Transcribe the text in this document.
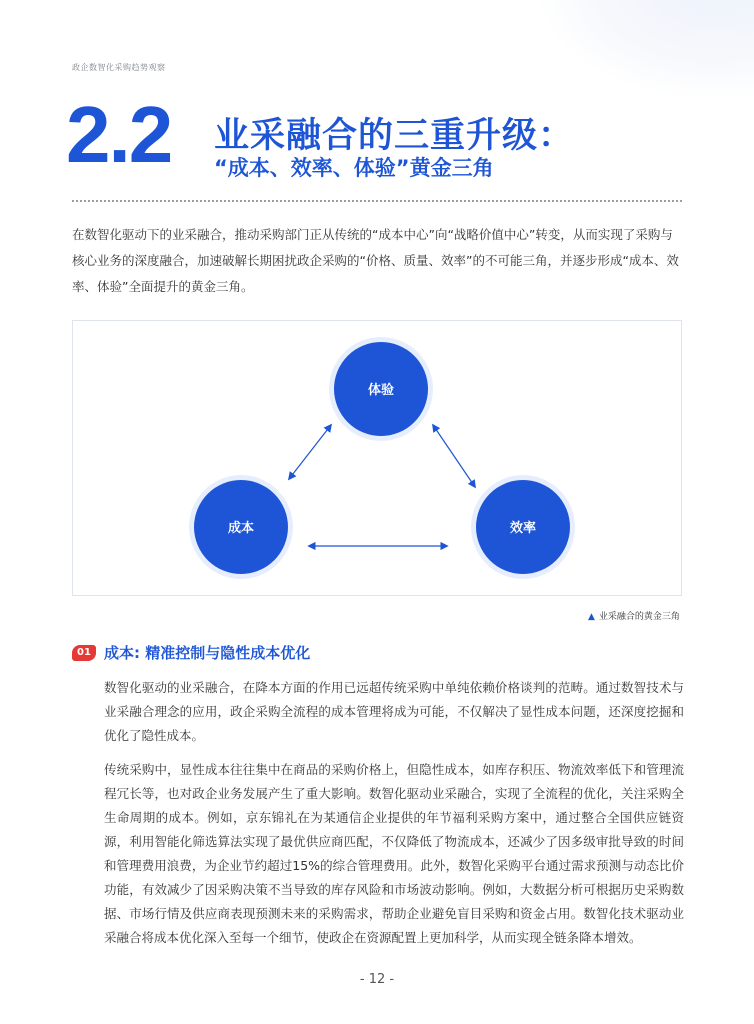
政企数智化采购趋势观察
2.2 业采融合的三重升级：
“成本、效率、体验”黄金三角
在数智化驱动下的业采融合，推动采购部门正从传统的“成本中心”向“战略价值中心”转变，从而实现了采购与核心业务的深度融合，加速破解长期困扰政企采购的“价格、质量、效率”的不可能三角，并逐步形成“成本、效率、体验”全面提升的黄金三角。
体验
成本	效率
▲ 业采融合的黄金三角
01 成本: 精准控制与隐性成本优化
数智化驱动的业采融合，在降本方面的作用已远超传统采购中单纯依赖价格谈判的范畴。通过数智技术与业采融合理念的应用，政企采购全流程的成本管理将成为可能，不仅解决了显性成本问题，还深度挖掘和优化了隐性成本。
传统采购中，显性成本往往集中在商品的采购价格上，但隐性成本，如库存积压、物流效率低下和管理流程冗长等，也对政企业务发展产生了重大影响。数智化驱动业采融合，实现了全流程的优化，关注采购全生命周期的成本。例如，京东锦礼在为某通信企业提供的年节福利采购方案中，通过整合全国供应链资源，利用智能化筛选算法实现了最优供应商匹配，不仅降低了物流成本，还减少了因多级审批导致的时间和管理费用浪费，为企业节约超过15%的综合管理费用。此外，数智化采购平台通过需求预测与动态比价功能，有效减少了因采购决策不当导致的库存风险和市场波动影响。例如，大数据分析可根据历史采购数据、市场行情及供应商表现预测未来的采购需求，帮助企业避免盲目采购和资金占用。数智化技术驱动业采融合将成本优化深入至每一个细节，使政企在资源配置上更加科学，从而实现全链条降本增效。
- 12 -
